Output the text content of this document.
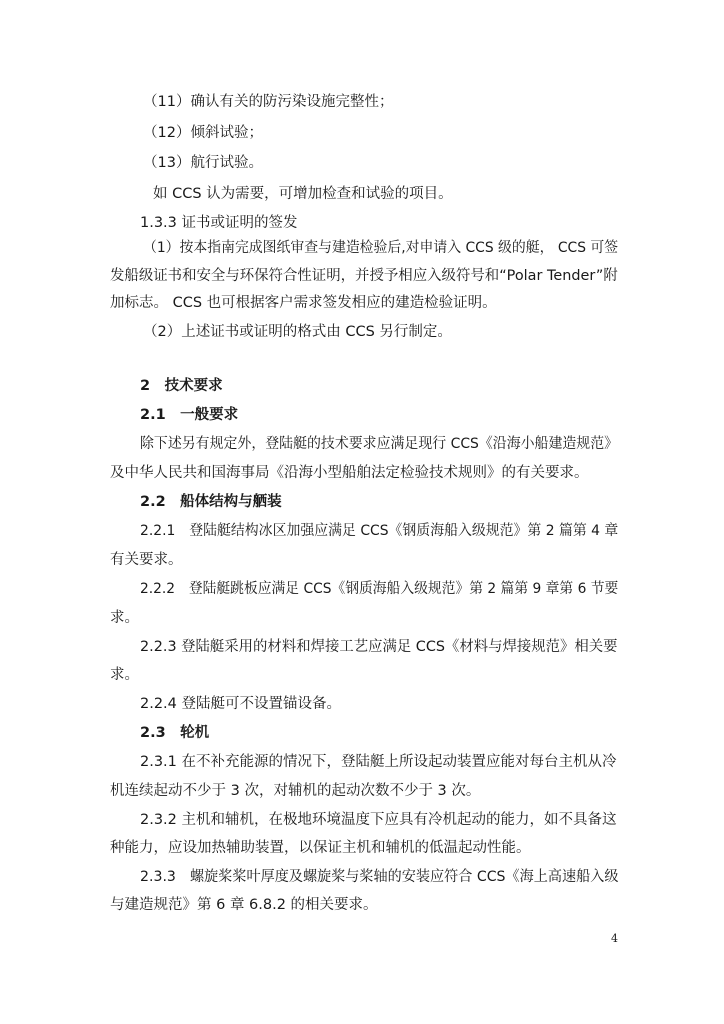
（11）确认有关的防污染设施完整性；
（12）倾斜试验；
（13）航行试验。
如 CCS 认为需要，可增加检查和试验的项目。
1.3.3 证书或证明的签发
（1）按本指南完成图纸审查与建造检验后,对申请入 CCS 级的艇， CCS 可签
发船级证书和安全与环保符合性证明，并授予相应入级符号和“Polar Tender”附
加标志。 CCS 也可根据客户需求签发相应的建造检验证明。
（2）上述证书或证明的格式由 CCS 另行制定。
2　技术要求
2.1　一般要求
除下述另有规定外，登陆艇的技术要求应满足现行 CCS《沿海小船建造规范》
及中华人民共和国海事局《沿海小型船舶法定检验技术规则》的有关要求。
2.2　船体结构与舾装
2.2.1　登陆艇结构冰区加强应满足 CCS《钢质海船入级规范》第 2 篇第 4 章
有关要求。
2.2.2　登陆艇跳板应满足 CCS《钢质海船入级规范》第 2 篇第 9 章第 6 节要
求。
2.2.3 登陆艇采用的材料和焊接工艺应满足 CCS《材料与焊接规范》相关要
求。
2.2.4 登陆艇可不设置锚设备。
2.3　轮机
2.3.1 在不补充能源的情况下，登陆艇上所设起动装置应能对每台主机从冷
机连续起动不少于 3 次，对辅机的起动次数不少于 3 次。
2.3.2 主机和辅机，在极地环境温度下应具有冷机起动的能力，如不具备这
种能力，应设加热辅助装置，以保证主机和辅机的低温起动性能。
2.3.3　螺旋桨桨叶厚度及螺旋桨与桨轴的安装应符合 CCS《海上高速船入级
与建造规范》第 6 章 6.8.2 的相关要求。
4
